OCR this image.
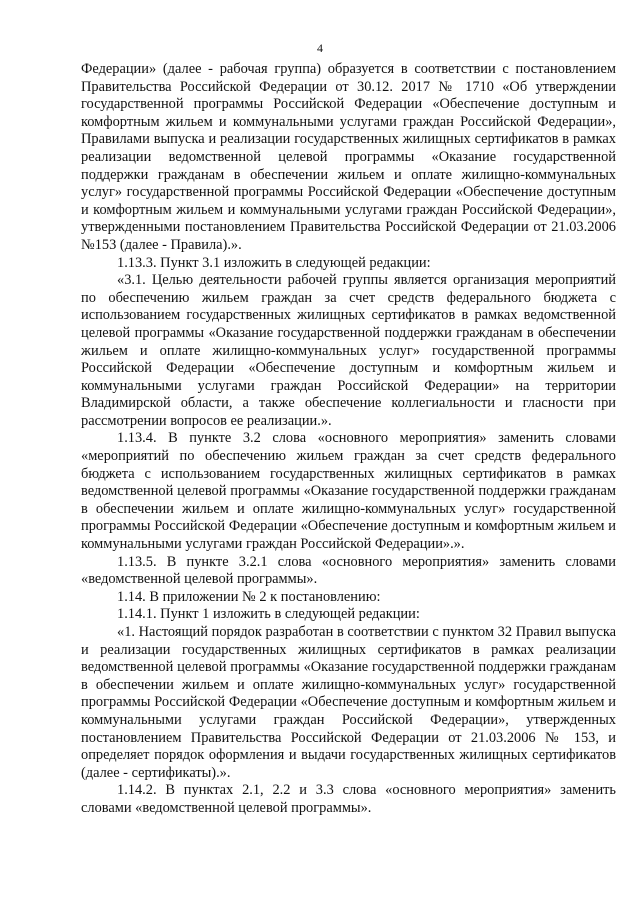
4

Федерации» (далее - рабочая группа) образуется в соответствии с постановлением Правительства Российской Федерации от 30.12. 2017 № 1710 «Об утверждении государственной программы Российской Федерации «Обеспечение доступным и комфортным жильем и коммунальными услугами граждан Российской Федерации», Правилами выпуска и реализации государственных жилищных сертификатов в рамках реализации ведомственной целевой программы «Оказание государственной поддержки гражданам в обеспечении жильем и оплате жилищно-коммунальных услуг» государственной программы Российской Федерации «Обеспечение доступным и комфортным жильем и коммунальными услугами граждан Российской Федерации», утвержденными постановлением Правительства Российской Федерации от 21.03.2006 №153 (далее - Правила).».

1.13.3. Пункт 3.1 изложить в следующей редакции:

«3.1. Целью деятельности рабочей группы является организация мероприятий по обеспечению жильем граждан за счет средств федерального бюджета с использованием государственных жилищных сертификатов в рамках ведомственной целевой программы «Оказание государственной поддержки гражданам в обеспечении жильем и оплате жилищно-коммунальных услуг» государственной программы Российской Федерации «Обеспечение доступным и комфортным жильем и коммунальными услугами граждан Российской Федерации» на территории Владимирской области, а также обеспечение коллегиальности и гласности при рассмотрении вопросов ее реализации.».

1.13.4. В пункте 3.2 слова «основного мероприятия» заменить словами «мероприятий по обеспечению жильем граждан за счет средств федерального бюджета с использованием государственных жилищных сертификатов в рамках ведомственной целевой программы «Оказание государственной поддержки гражданам в обеспечении жильем и оплате жилищно-коммунальных услуг» государственной программы Российской Федерации «Обеспечение доступным и комфортным жильем и коммунальными услугами граждан Российской Федерации».».

1.13.5. В пункте 3.2.1 слова «основного мероприятия» заменить словами «ведомственной целевой программы».

1.14. В приложении № 2 к постановлению:

1.14.1. Пункт 1 изложить в следующей редакции:

«1. Настоящий порядок разработан в соответствии с пунктом 32 Правил выпуска и реализации государственных жилищных сертификатов в рамках реализации ведомственной целевой программы «Оказание государственной поддержки гражданам в обеспечении жильем и оплате жилищно-коммунальных услуг» государственной программы Российской Федерации «Обеспечение доступным и комфортным жильем и коммунальными услугами граждан Российской Федерации», утвержденных постановлением Правительства Российской Федерации от 21.03.2006 № 153, и определяет порядок оформления и выдачи государственных жилищных сертификатов (далее - сертификаты).».

1.14.2. В пунктах 2.1, 2.2 и 3.3 слова «основного мероприятия» заменить словами «ведомственной целевой программы».
